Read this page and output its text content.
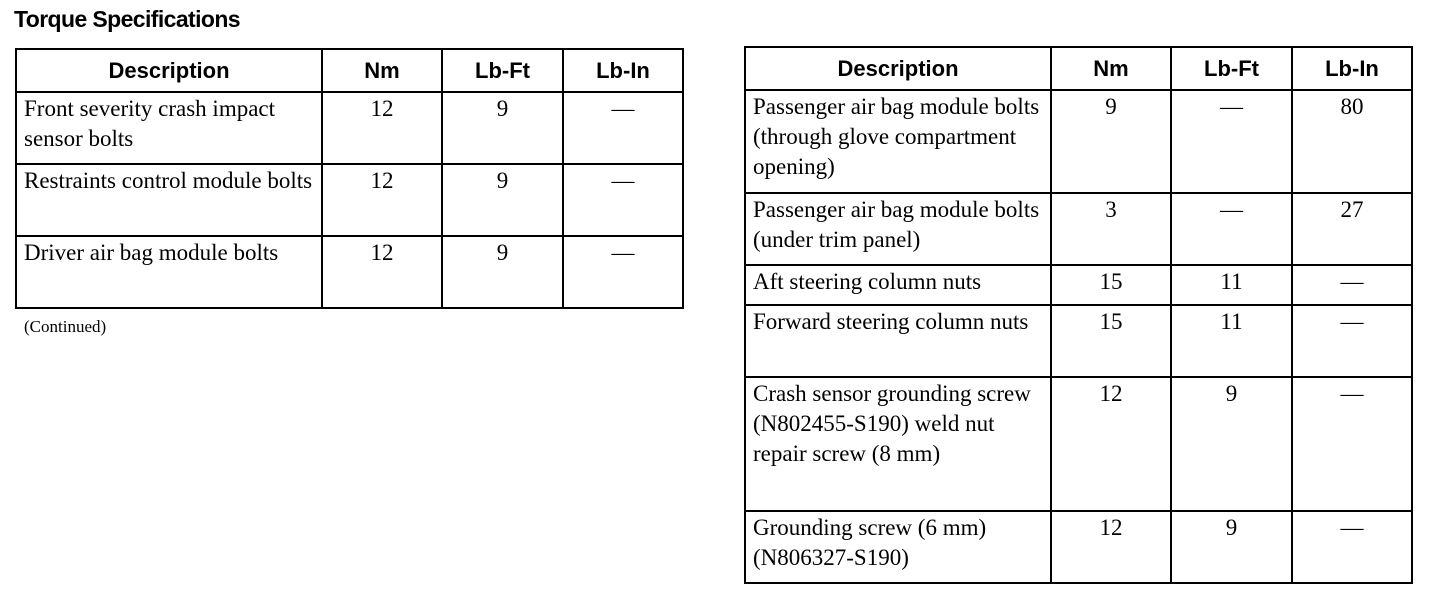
Torque Specifications
Description	Nm	Lb-Ft	Lb-In
Front severity crash impact sensor bolts	12	9	—
Restraints control module bolts	12	9	—
Driver air bag module bolts	12	9	—
(Continued)
Description	Nm	Lb-Ft	Lb-In
Passenger air bag module bolts (through glove compartment opening)	9	—	80
Passenger air bag module bolts (under trim panel)	3	—	27
Aft steering column nuts	15	11	—
Forward steering column nuts	15	11	—
Crash sensor grounding screw (N802455-S190) weld nut repair screw (8 mm)	12	9	—
Grounding screw (6 mm) (N806327-S190)	12	9	—
